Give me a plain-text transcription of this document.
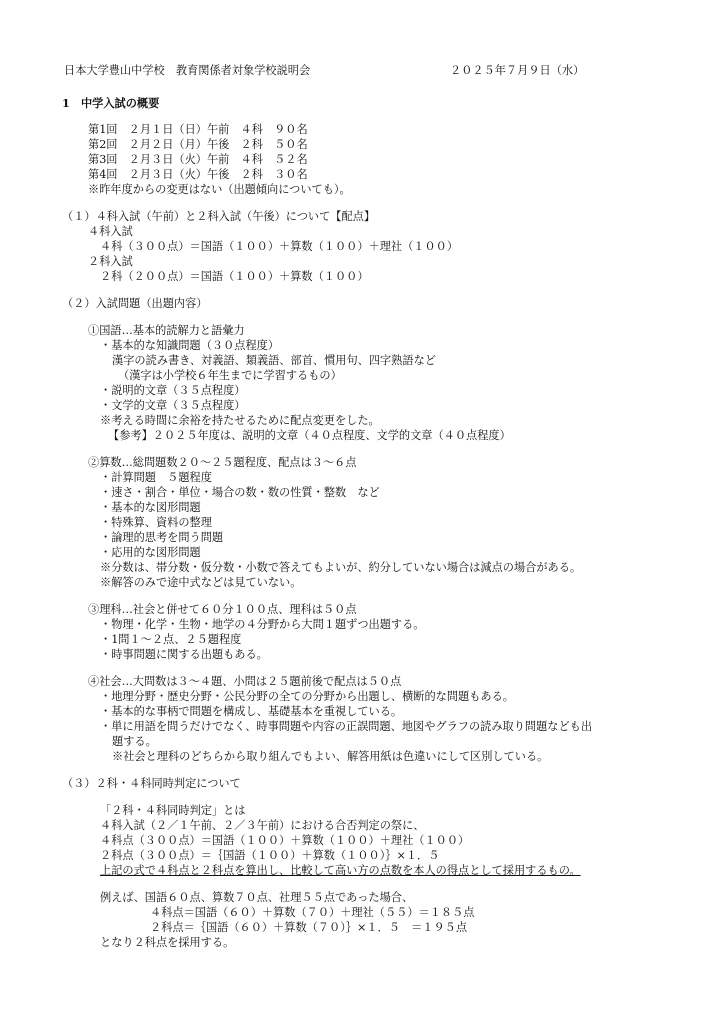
日本大学豊山中学校　教育関係者対象学校説明会	２０２５年７月９日（水）
1　中学入試の概要
第1回　２月１日（日）午前　４科　９０名
第2回　２月２日（月）午後　２科　５０名
第3回　２月３日（火）午前　４科　５２名
第4回　２月３日（火）午後　２科　３０名
※昨年度からの変更はない（出題傾向についても）。
（１）４科入試（午前）と２科入試（午後）について【配点】
４科入試
４科（３００点）＝国語（１００）＋算数（１００）＋理社（１００）
２科入試
２科（２００点）＝国語（１００）＋算数（１００）
（２）入試問題（出題内容）
①国語…基本的読解力と語彙力
・基本的な知識問題（３０点程度）
漢字の読み書き、対義語、類義語、部首、慣用句、四字熟語など
（漢字は小学校６年生までに学習するもの）
・説明的文章（３５点程度）
・文学的文章（３５点程度）
※考える時間に余裕を持たせるために配点変更をした。
【参考】２０２５年度は、説明的文章（４０点程度、文学的文章（４０点程度）
②算数…総問題数２０～２５題程度、配点は３～６点
・計算問題　５題程度
・速さ・割合・単位・場合の数・数の性質・整数　など
・基本的な図形問題
・特殊算、資料の整理
・論理的思考を問う問題
・応用的な図形問題
※分数は、帯分数・仮分数・小数で答えてもよいが、約分していない場合は減点の場合がある。
※解答のみで途中式などは見ていない。
③理科…社会と併せて６０分１００点、理科は５０点
・物理・化学・生物・地学の４分野から大問１題ずつ出題する。
・1問１～２点、２５題程度
・時事問題に関する出題もある。
④社会…大問数は３～４題、小問は２５題前後で配点は５０点
・地理分野・歴史分野・公民分野の全ての分野から出題し、横断的な問題もある。
・基本的な事柄で問題を構成し、基礎基本を重視している。
・単に用語を問うだけでなく、時事問題や内容の正誤問題、地図やグラフの読み取り問題なども出
題する。
※社会と理科のどちらから取り組んでもよい、解答用紙は色違いにして区別している。
（３）２科・４科同時判定について
「２科・４科同時判定」とは
４科入試（２／１午前、２／３午前）における合否判定の祭に、
４科点（３００点）＝国語（１００）＋算数（１００）＋理社（１００）
２科点（３００点）＝｛国語（１００）＋算数（１００）｝×１．５
上記の式で４科点と２科点を算出し、比較して高い方の点数を本人の得点として採用するもの。
例えば、国語６０点、算数７０点、社理５５点であった場合、
４科点＝国語（６０）＋算数（７０）＋理社（５５）＝１８５点
２科点＝｛国語（６０）＋算数（７０）｝×１．５　＝１９５点
となり２科点を採用する。
